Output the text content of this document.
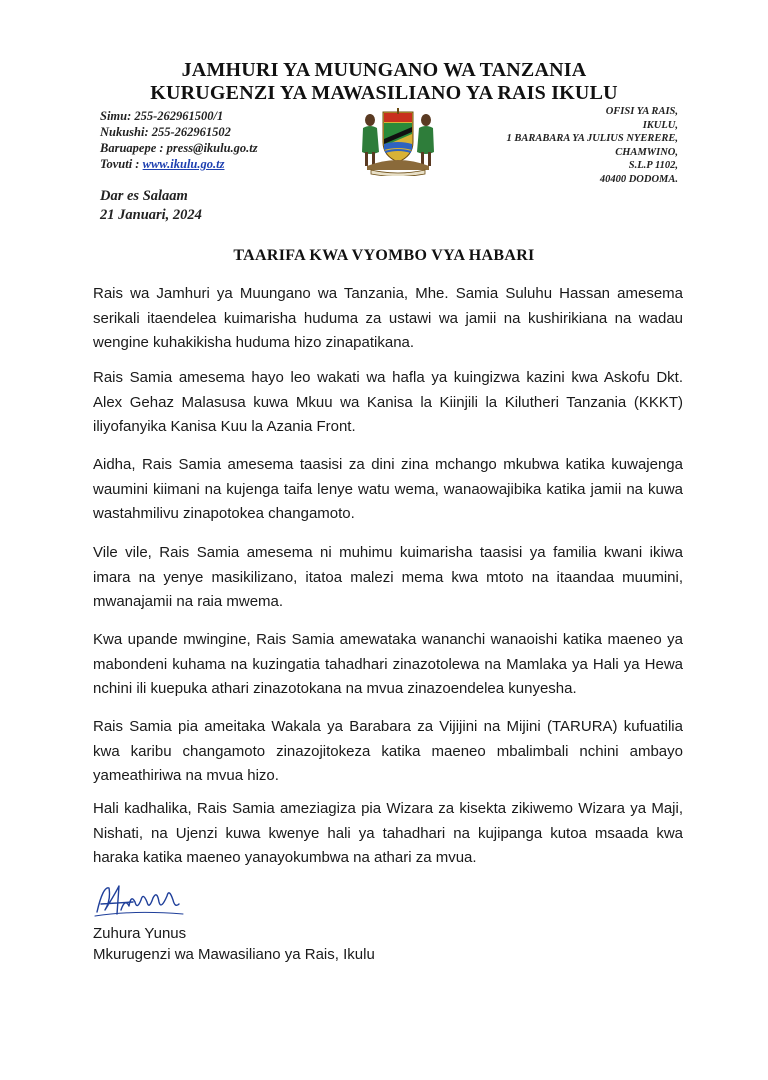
JAMHURI YA MUUNGANO WA TANZANIA
KURUGENZI YA MAWASILIANO YA RAIS IKULU
Simu: 255-262961500/1
Nukushi: 255-262961502
Baruapepe : press@ikulu.go.tz
Tovuti : www.ikulu.go.tz
OFISI YA RAIS,
IKULU,
1 BARABARA YA JULIUS NYERERE,
CHAMWINO,
S.L.P 1102,
40400 DODOMA.
Dar es Salaam
21 Januari, 2024
TAARIFA KWA VYOMBO VYA HABARI
Rais wa Jamhuri ya Muungano wa Tanzania, Mhe. Samia Suluhu Hassan amesema serikali itaendelea kuimarisha huduma za ustawi wa jamii na kushirikiana na wadau wengine kuhakikisha huduma hizo zinapatikana.
Rais Samia amesema hayo leo wakati wa hafla ya kuingizwa kazini kwa Askofu Dkt. Alex Gehaz Malasusa kuwa Mkuu wa Kanisa la Kiinjili la Kilutheri Tanzania (KKKT) iliyofanyika Kanisa Kuu la Azania Front.
Aidha, Rais Samia amesema taasisi za dini zina mchango mkubwa katika kuwajenga waumini kiimani na kujenga taifa lenye watu wema, wanaowajibika katika jamii na kuwa wastahmilivu zinapotokea changamoto.
Vile vile, Rais Samia amesema ni muhimu kuimarisha taasisi ya familia kwani ikiwa imara na yenye masikilizano, itatoa malezi mema kwa mtoto na itaandaa muumini, mwanajamii na raia mwema.
Kwa upande mwingine, Rais Samia amewataka wananchi wanaoishi katika maeneo ya mabondeni kuhama na kuzingatia tahadhari zinazotolewa na Mamlaka ya Hali ya Hewa nchini ili kuepuka athari zinazotokana na mvua zinazoendelea kunyesha.
Rais Samia pia ameitaka Wakala ya Barabara za Vijijini na Mijini (TARURA) kufuatilia kwa karibu changamoto zinazojitokeza katika maeneo mbalimbali nchini ambayo yameathiriwa na mvua hizo.
Hali kadhalika, Rais Samia ameziagiza pia Wizara za kisekta zikiwemo Wizara ya Maji, Nishati, na Ujenzi kuwa kwenye hali ya tahadhari na kujipanga kutoa msaada kwa haraka katika maeneo yanayokumbwa na athari za mvua.
Zuhura Yunus
Mkurugenzi wa Mawasiliano ya Rais, Ikulu
